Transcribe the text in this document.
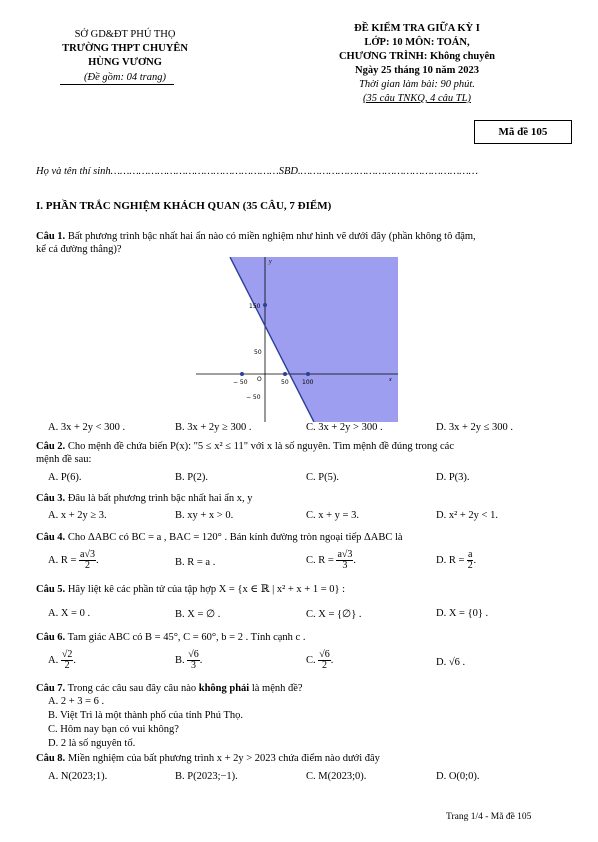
SỞ GD&ĐT PHÚ THỌ
TRƯỜNG THPT CHUYÊN
HÙNG VƯƠNG
(Đề gồm: 04 trang)
ĐỀ KIỂM TRA GIỮA KỲ I
LỚP: 10 MÔN: TOÁN,
CHƯƠNG TRÌNH: Không chuyên
Ngày 25 tháng 10 năm 2023
Thời gian làm bài: 90 phút.
(35 câu TNKQ, 4 câu TL)
Mã đề 105
Họ và tên thí sinh………………………………………………SBD.…………………………………………………
I. PHẦN TRẮC NGHIỆM KHÁCH QUAN (35 CÂU, 7 ĐIỂM)
Câu 1. Bất phương trình bậc nhất hai ẩn nào có miền nghiệm như hình vẽ dưới đây (phần không tô đậm,
kể cả đường thẳng)?
150
50
− 50
− 50 O	50 100	x
y
A. 3x + 2y < 300 .	B. 3x + 2y ≥ 300 .	C. 3x + 2y > 300 .	D. 3x + 2y ≤ 300 .
Câu 2. Cho mệnh đề chứa biến P(x): "5 ≤ x² ≤ 11" với x là số nguyên. Tìm mệnh đề đúng trong các
mệnh đề sau:
A. P(6).	B. P(2).	C. P(5).	D. P(3).
Câu 3. Đâu là bất phương trình bậc nhất hai ẩn x, y
A. x + 2y ≥ 3.	B. xy + x > 0.	C. x + y = 3.	D. x² + 2y < 1.
Câu 4. Cho ΔABC có BC = a , BAC = 120° . Bán kính đường tròn ngoại tiếp ΔABC là
A. $R = \frac{a√3}{2}$ .	B. R = a .	C. $R = \frac{a√3}{3}$ .	D. $R = \frac{a}{2}$ .
Câu 5. Hãy liệt kê các phần tử của tập hợp X = {x ∈ ℝ | x² + x + 1 = 0} :
A. X = 0 .	B. X = ∅ .	C. X = {∅} .	D. X = {0} .
Câu 6. Tam giác ABC có B = 45°, C = 60°, b = 2 . Tính cạnh c .
A. $\frac{√2}{2}$ .	B. $\frac{√6}{3}$ .	C. $\frac{√6}{2}$ .	D. √6 .
Câu 7. Trong các câu sau đây câu nào không phải là mệnh đề?
A. 2 + 3 = 6 .
B. Việt Trì là một thành phố của tỉnh Phú Thọ.
C. Hôm nay bạn có vui không?
D. 2 là số nguyên tố.
Câu 8. Miền nghiệm của bất phương trình x + 2y > 2023 chứa điểm nào dưới đây
A. N(2023;1).	B. P(2023;−1).	C. M(2023;0).	D. O(0;0).
Trang 1/4 - Mã đề 105
